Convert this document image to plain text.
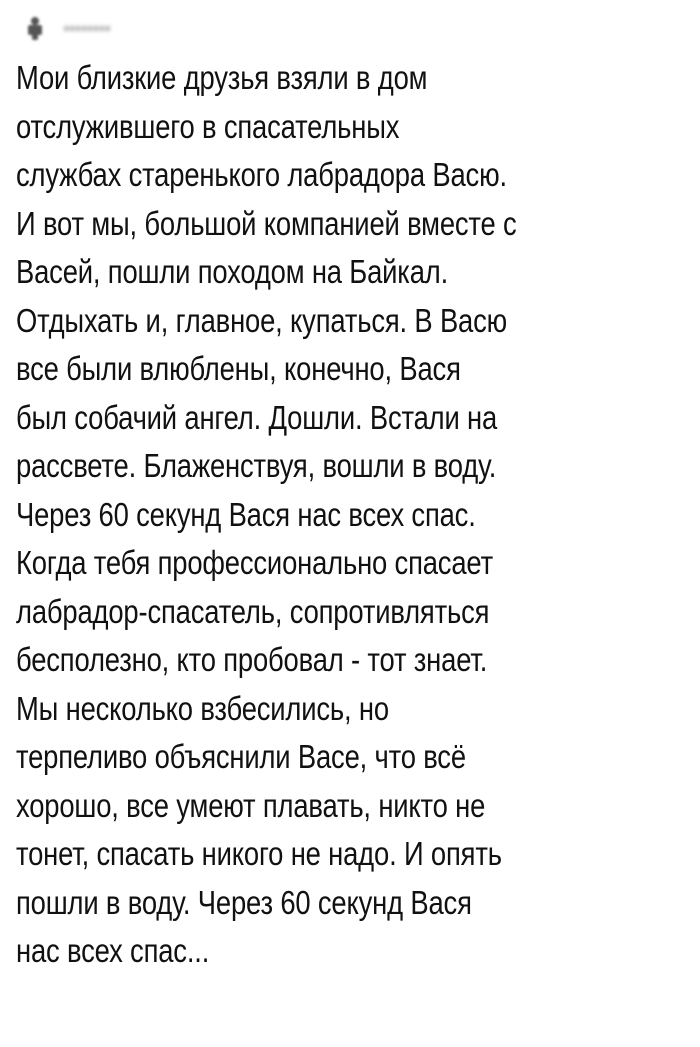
••••••••
Мои близкие друзья взяли в дом
отслужившего в спасательных
службах старенького лабрадора Васю.
И вот мы, большой компанией вместе с
Васей, пошли походом на Байкал.
Отдыхать и, главное, купаться. В Васю
все были влюблены, конечно, Вася
был собачий ангел. Дошли. Встали на
рассвете. Блаженствуя, вошли в воду.
Через 60 секунд Вася нас всех спас.
Когда тебя профессионально спасает
лабрадор-спасатель, сопротивляться
бесполезно, кто пробовал - тот знает.
Мы несколько взбесились, но
терпеливо объяснили Васе, что всё
хорошо, все умеют плавать, никто не
тонет, спасать никого не надо. И опять
пошли в воду. Через 60 секунд Вася
нас всех спас...
